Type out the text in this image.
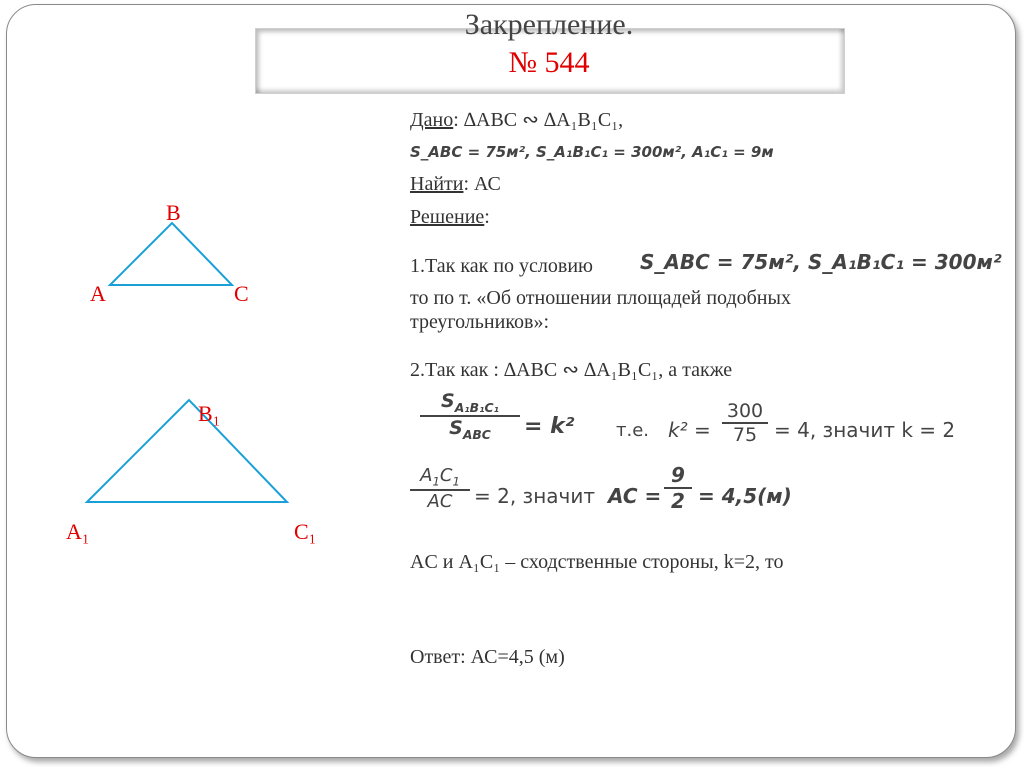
Закрепление.
№ 544
B
A	C
B₁
A₁	C₁
Дано: ∆ABC ∾ ∆A₁B₁C₁,
S_ABC = 75м², S_A₁B₁C₁ = 300м², A₁C₁ = 9м
Найти: АС
Решение:
1.Так как по условию S_ABC = 75м², S_A₁B₁C₁ = 300м²
то по т. «Об отношении площадей подобных
треугольников»:
2.Так как : ∆ABC ∾ ∆A₁B₁C₁, а также
$S_{A_1B_1C_1}$
$S_{ABC}$	= k² т.е. $k^2 = \frac{300}{75} = 4$, значит k = 2
$\frac{A_1C_1}{AC} = 2$, значит AC = $\frac{9}{2} = 4,5(м)$
AC и A₁C₁ – сходственные стороны, k=2, то
Ответ: АС=4,5 (м)
